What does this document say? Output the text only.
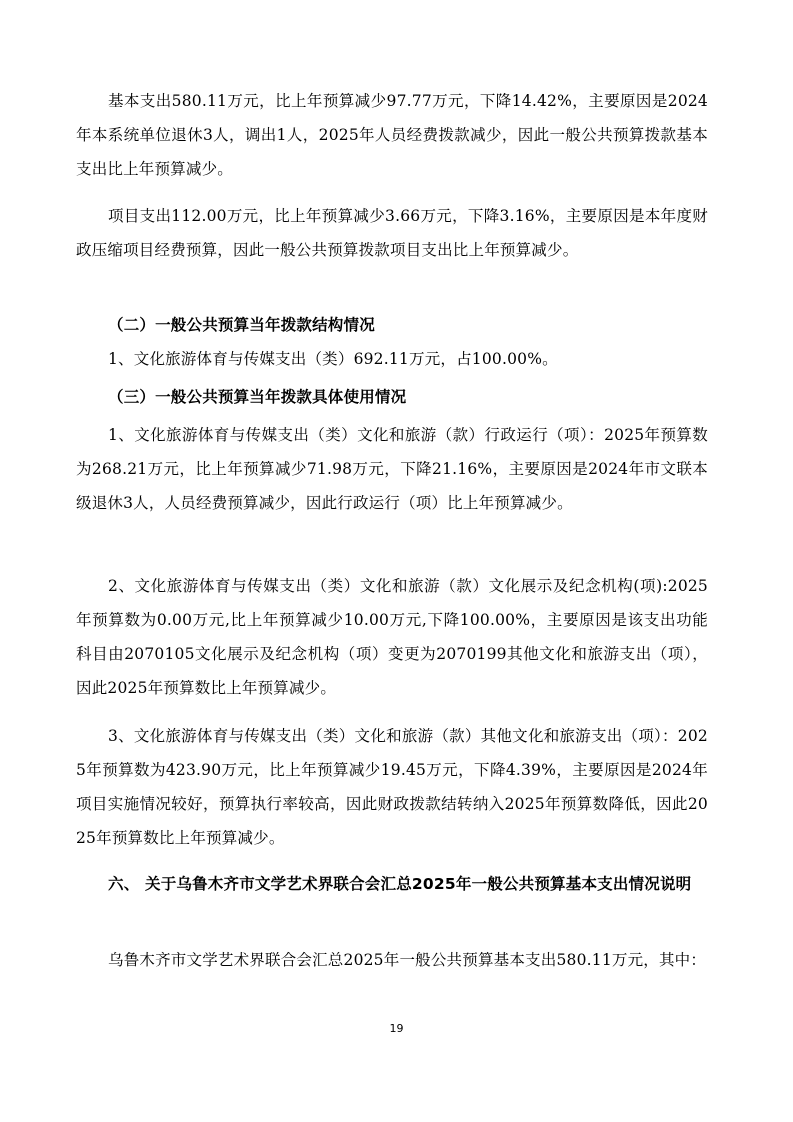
基本支出580.11万元，比上年预算减少97.77万元，下降14.42%，主要原因是2024年本系统单位退休3人，调出1人，2025年人员经费拨款减少，因此一般公共预算拨款基本支出比上年预算减少。

项目支出112.00万元，比上年预算减少3.66万元，下降3.16%，主要原因是本年度财政压缩项目经费预算，因此一般公共预算拨款项目支出比上年预算减少。

（二）一般公共预算当年拨款结构情况

1、文化旅游体育与传媒支出（类）692.11万元，占100.00%。

（三）一般公共预算当年拨款具体使用情况

1、文化旅游体育与传媒支出（类）文化和旅游（款）行政运行（项）：2025年预算数为268.21万元，比上年预算减少71.98万元，下降21.16%，主要原因是2024年市文联本级退休3人，人员经费预算减少，因此行政运行（项）比上年预算减少。

2、文化旅游体育与传媒支出（类）文化和旅游（款）文化展示及纪念机构(项):2025年预算数为0.00万元,比上年预算减少10.00万元,下降100.00%，主要原因是该支出功能科目由2070105文化展示及纪念机构（项）变更为2070199其他文化和旅游支出（项），因此2025年预算数比上年预算减少。

3、文化旅游体育与传媒支出（类）文化和旅游（款）其他文化和旅游支出（项）：2025年预算数为423.90万元，比上年预算减少19.45万元，下降4.39%，主要原因是2024年项目实施情况较好，预算执行率较高，因此财政拨款结转纳入2025年预算数降低，因此2025年预算数比上年预算减少。

六、 关于乌鲁木齐市文学艺术界联合会汇总2025年一般公共预算基本支出情况说明

乌鲁木齐市文学艺术界联合会汇总2025年一般公共预算基本支出580.11万元，其中：

19
